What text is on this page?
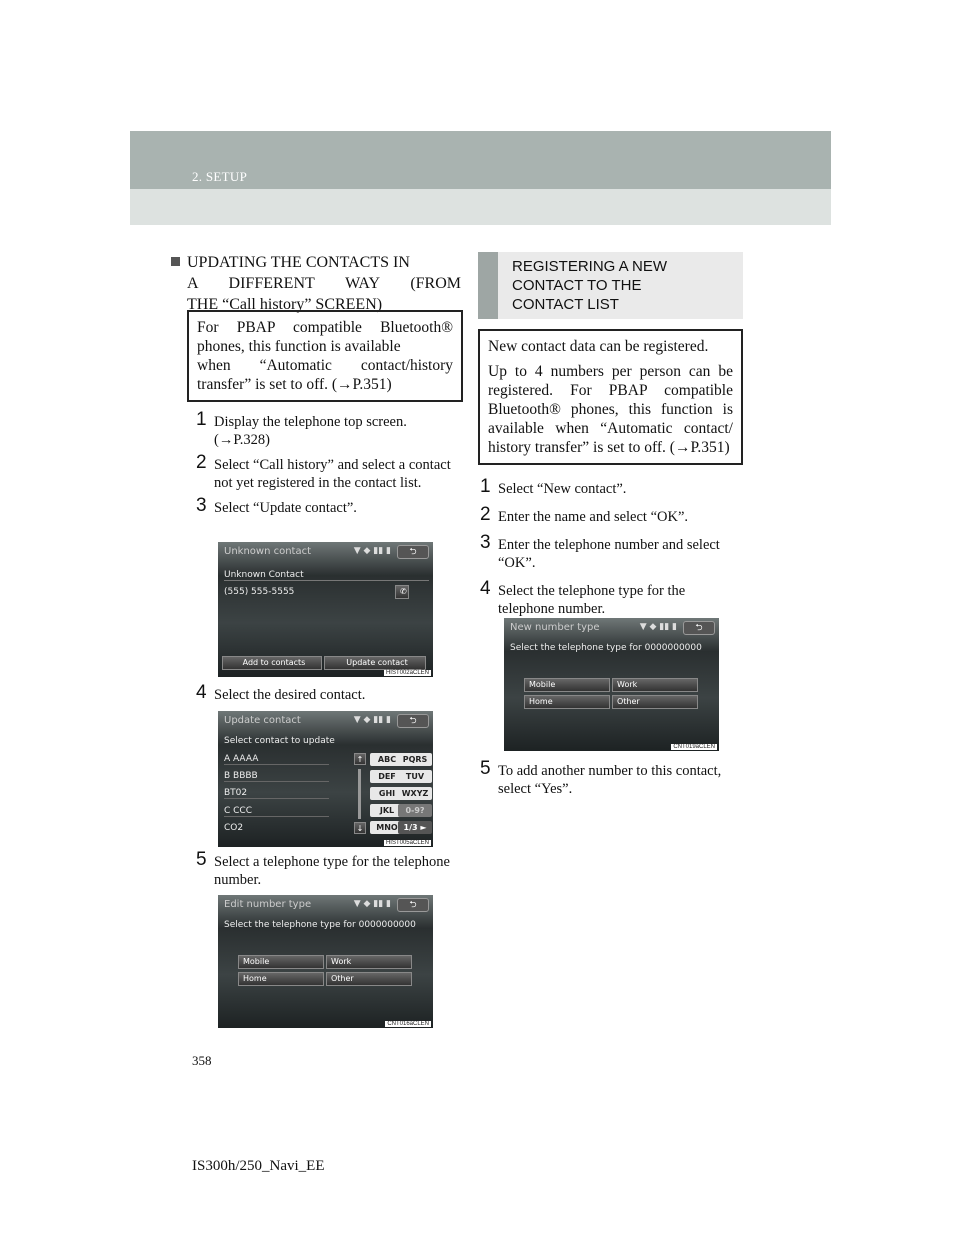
2. SETUP
UPDATING THE CONTACTS IN
A DIFFERENT WAY (FROM
THE “Call history” SCREEN)
For PBAP compatible Bluetooth® phones, this function is available
when “Automatic contact/history
transfer” is set to off. (→P.351)
1 Display the telephone top screen. (→P.328)
2 Select “Call history” and select a contact not yet registered in the contact list.
3 Select “Update contact”.
Unknown contact	▼ ◆ ▮▮ ▮	⮌
Unknown Contact
(555) 555-5555	✆
Add to contacts	Update contact
HIST002aCLEN
4 Select the desired contact.
Update contact	▼ ◆ ▮▮ ▮	⮌
Select contact to update
A AAAA
B BBBB
BT02
C CCC
CO2
↑
↓
ABC PQRS
DEF	TUV
GHI WXYZ
JKL	0-9?
MNO 1/3 ►
HIST005aCLEN
5 Select a telephone type for the telephone number.
Edit number type	▼ ◆ ▮▮ ▮	⮌
Select the telephone type for 0000000000
Mobile	Work
Home	Other
CNT016aCLEN
REGISTERING A NEW
CONTACT TO THE
CONTACT LIST
New contact data can be registered.
Up to 4 numbers per person can be registered. For PBAP compatible Bluetooth® phones, this function is available when “Automatic contact/ history transfer” is set to off. (→P.351)
1 Select “New contact”.
2 Enter the name and select “OK”.
3 Enter the telephone number and select “OK”.
4 Select the telephone type for the telephone number.
New number type	▼ ◆ ▮▮ ▮	⮌
Select the telephone type for 0000000000
Mobile	Work
Home	Other
CNT019aCLEN
5 To add another number to this contact, select “Yes”.
358
IS300h/250_Navi_EE
